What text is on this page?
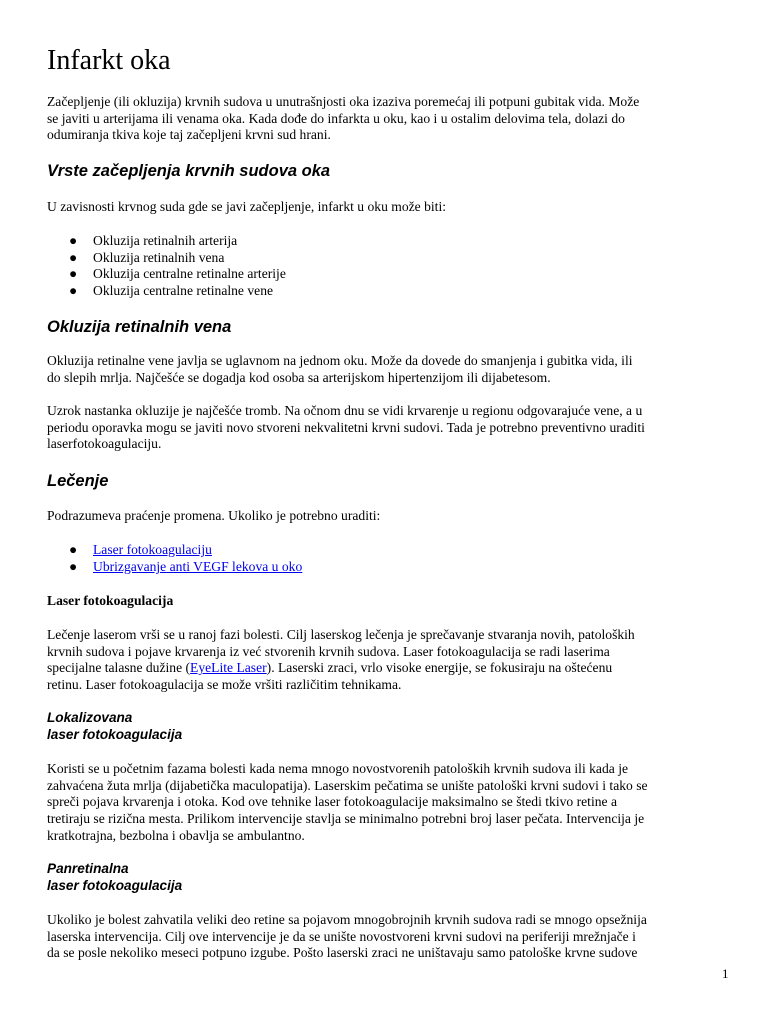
Infarkt oka
Začepljenje (ili okluzija) krvnih sudova u unutrašnjosti oka izaziva poremećaj ili potpuni gubitak vida. Može
se javiti u arterijama ili venama oka. Kada dođe do infarkta u oku, kao i u ostalim delovima tela, dolazi do
odumiranja tkiva koje taj začepljeni krvni sud hrani.
Vrste začepljenja krvnih sudova oka
U zavisnosti krvnog suda gde se javi začepljenje, infarkt u oku može biti:
● Okluzija retinalnih arterija
● Okluzija retinalnih vena
● Okluzija centralne retinalne arterije
● Okluzija centralne retinalne vene
Okluzija retinalnih vena
Okluzija retinalne vene javlja se uglavnom na jednom oku. Može da dovede do smanjenja i gubitka vida, ili
do slepih mrlja. Najčešće se dogadja kod osoba sa arterijskom hipertenzijom ili dijabetesom.
Uzrok nastanka okluzije je najčešće tromb. Na očnom dnu se vidi krvarenje u regionu odgovarajuće vene, a u
periodu oporavka mogu se javiti novo stvoreni nekvalitetni krvni sudovi. Tada je potrebno preventivno uraditi
laserfotokoagulaciju.
Lečenje
Podrazumeva praćenje promena. Ukoliko je potrebno uraditi:
● Laser fotokoagulaciju
● Ubrizgavanje anti VEGF lekova u oko
Laser fotokoagulacija
Lečenje laserom vrši se u ranoj fazi bolesti. Cilj laserskog lečenja je sprečavanje stvaranja novih, patoloških
krvnih sudova i pojave krvarenja iz već stvorenih krvnih sudova. Laser fotokoagulacija se radi laserima
specijalne talasne dužine (EyeLite Laser). Laserski zraci, vrlo visoke energije, se fokusiraju na oštećenu
retinu. Laser fotokoagulacija se može vršiti različitim tehnikama.
Lokalizovana
laser fotokoagulacija
Koristi se u početnim fazama bolesti kada nema mnogo novostvorenih patoloških krvnih sudova ili kada je
zahvaćena žuta mrlja (dijabetička maculopatija). Laserskim pečatima se unište patološki krvni sudovi i tako se
spreči pojava krvarenja i otoka. Kod ove tehnike laser fotokoagulacije maksimalno se štedi tkivo retine a
tretiraju se rizična mesta. Prilikom intervencije stavlja se minimalno potrebni broj laser pečata. Intervencija je
kratkotrajna, bezbolna i obavlja se ambulantno.
Panretinalna
laser fotokoagulacija
Ukoliko je bolest zahvatila veliki deo retine sa pojavom mnogobrojnih krvnih sudova radi se mnogo opsežnija
laserska intervencija. Cilj ove intervencije je da se unište novostvoreni krvni sudovi na periferiji mrežnjače i
da se posle nekoliko meseci potpuno izgube. Pošto laserski zraci ne uništavaju samo patološke krvne sudove
1
